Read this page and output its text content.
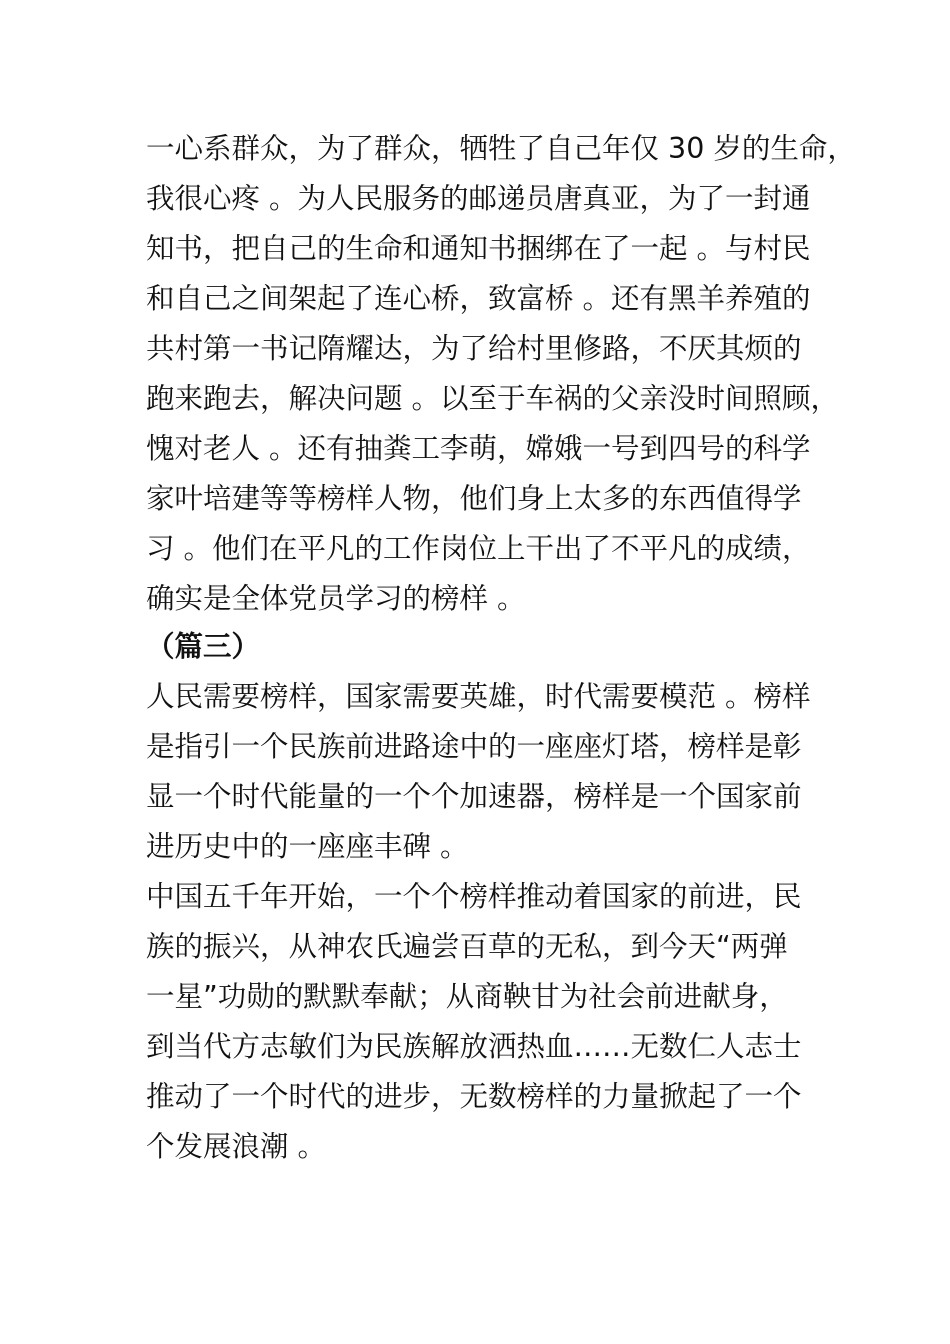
一心系群众，为了群众，牺牲了自己年仅 30 岁的生命，
我很心疼 。为人民服务的邮递员唐真亚，为了一封通
知书，把自己的生命和通知书捆绑在了一起 。与村民
和自己之间架起了连心桥，致富桥 。还有黑羊养殖的
共村第一书记隋耀达，为了给村里修路，不厌其烦的
跑来跑去，解决问题 。以至于车祸的父亲没时间照顾，
愧对老人 。还有抽粪工李萌，嫦娥一号到四号的科学
家叶培建等等榜样人物，他们身上太多的东西值得学
习 。他们在平凡的工作岗位上干出了不平凡的成绩，
确实是全体党员学习的榜样 。
（篇三）
人民需要榜样，国家需要英雄，时代需要模范 。榜样
是指引一个民族前进路途中的一座座灯塔，榜样是彰
显一个时代能量的一个个加速器，榜样是一个国家前
进历史中的一座座丰碑 。
中国五千年开始，一个个榜样推动着国家的前进，民
族的振兴，从神农氏遍尝百草的无私，到今天“两弹
一星”功勋的默默奉献；从商鞅甘为社会前进献身，
到当代方志敏们为民族解放洒热血……无数仁人志士
推动了一个时代的进步，无数榜样的力量掀起了一个
个发展浪潮 。
